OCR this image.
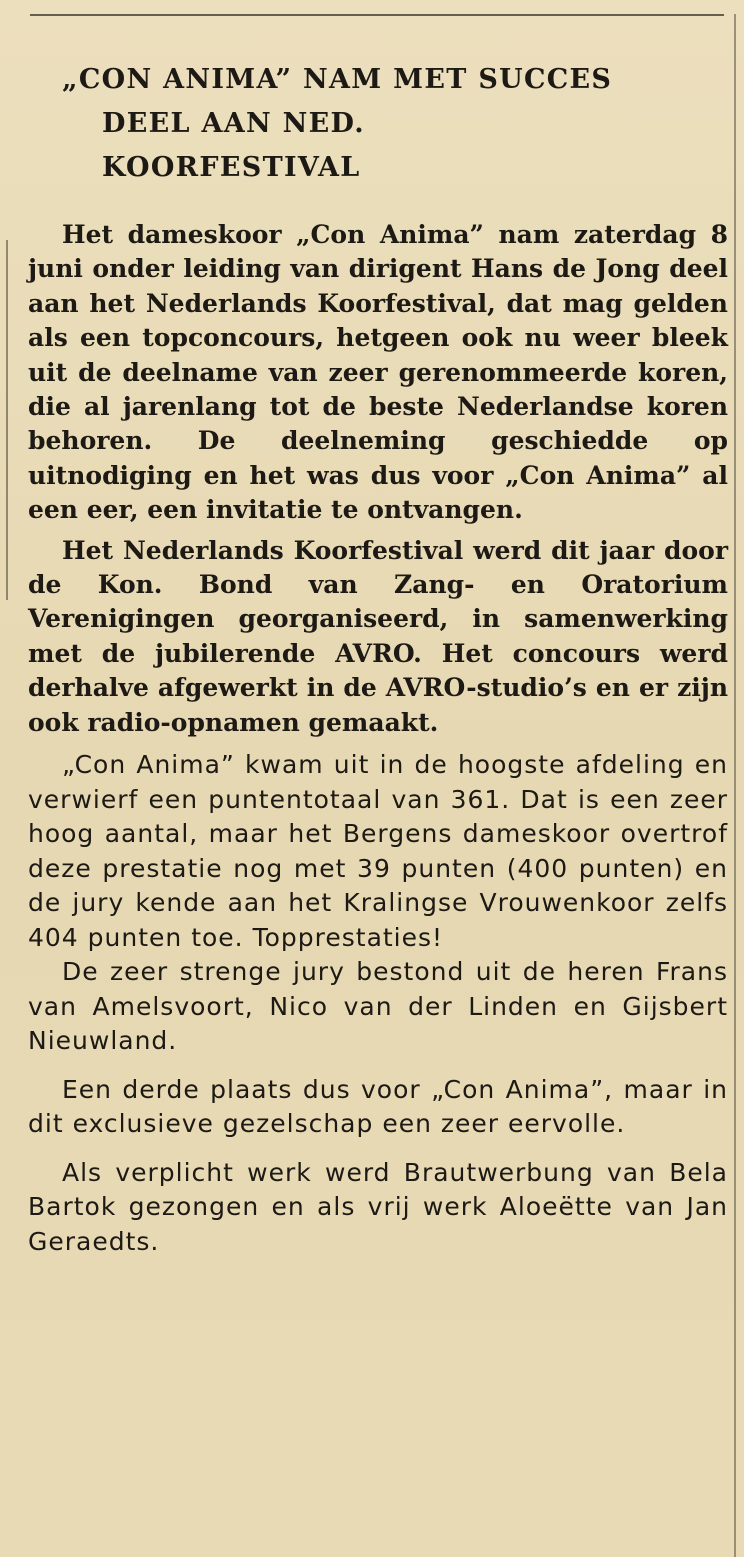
„CON ANIMA” NAM MET SUCCES
DEEL AAN NED.
KOORFESTIVAL

Het dameskoor „Con Anima” nam zaterdag 8 juni onder leiding van dirigent Hans de Jong deel aan het Nederlands Koorfestival, dat mag gelden als een topconcours, hetgeen ook nu weer bleek uit de deelname van zeer gerenommeerde koren, die al jarenlang tot de beste Nederlandse koren behoren. De deelneming geschiedde op uitnodiging en het was dus voor „Con Anima” al een eer, een invitatie te ontvangen.

Het Nederlands Koorfestival werd dit jaar door de Kon. Bond van Zang- en Oratorium Verenigingen georganiseerd, in samenwerking met de jubilerende AVRO. Het concours werd derhalve afgewerkt in de AVRO-studio’s en er zijn ook radio-opnamen gemaakt.

„Con Anima” kwam uit in de hoogste afdeling en verwierf een puntentotaal van 361. Dat is een zeer hoog aantal, maar het Bergens dameskoor overtrof deze prestatie nog met 39 punten (400 punten) en de jury kende aan het Kralingse Vrouwenkoor zelfs 404 punten toe. Topprestaties!

De zeer strenge jury bestond uit de heren Frans van Amelsvoort, Nico van der Linden en Gijsbert Nieuwland.

Een derde plaats dus voor „Con Anima”, maar in dit exclusieve gezelschap een zeer eervolle.

Als verplicht werk werd Brautwerbung van Bela Bartok gezongen en als vrij werk Aloeëtte van Jan Geraedts.
